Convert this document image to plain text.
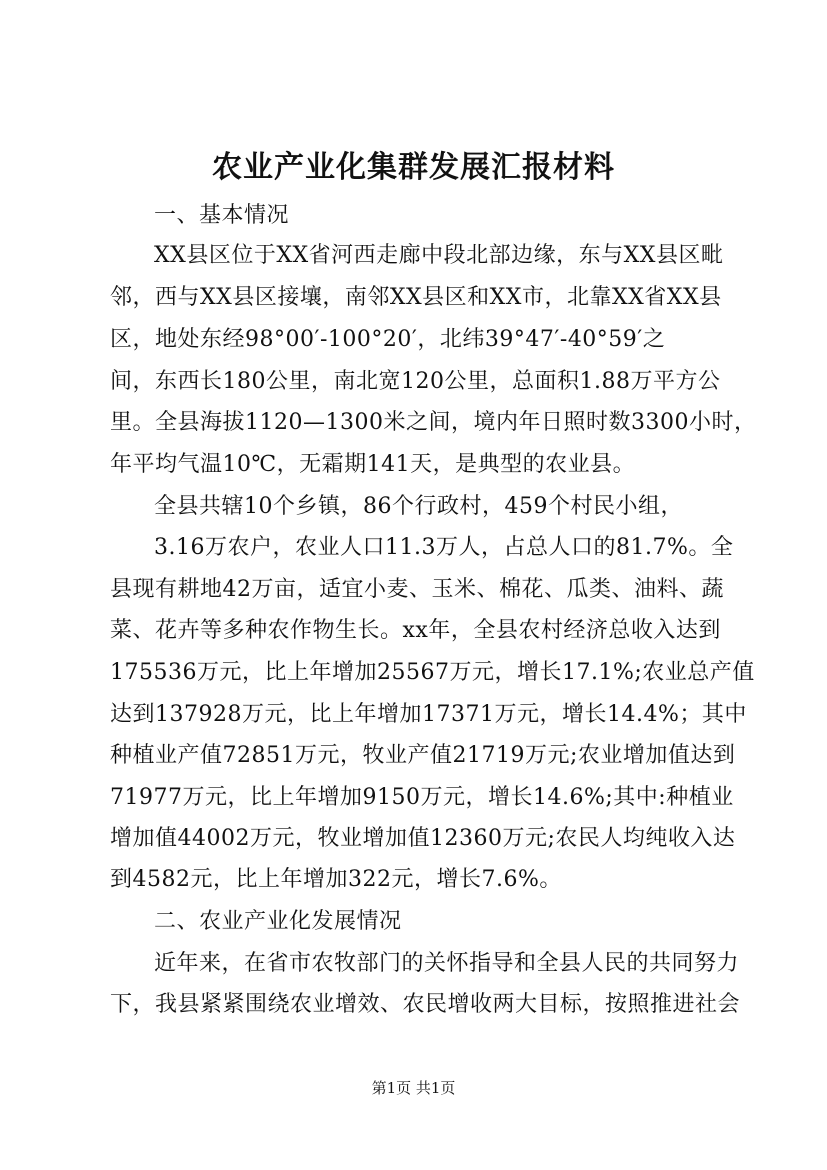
农业产业化集群发展汇报材料
一、基本情况
XX县区位于XX省河西走廊中段北部边缘，东与XX县区毗
邻，西与XX县区接壤，南邻XX县区和XX市，北靠XX省XX县
区，地处东经98°00′-100°20′，北纬39°47′-40°59′之
间，东西长180公里，南北宽120公里，总面积1.88万平方公
里。全县海拔1120—1300米之间，境内年日照时数3300小时，
年平均气温10℃，无霜期141天，是典型的农业县。
全县共辖10个乡镇，86个行政村，459个村民小组，
3.16万农户，农业人口11.3万人，占总人口的81.7%。全
县现有耕地42万亩，适宜小麦、玉米、棉花、瓜类、油料、蔬
菜、花卉等多种农作物生长。xx年，全县农村经济总收入达到
175536万元，比上年增加25567万元，增长17.1%;农业总产值
达到137928万元，比上年增加17371万元，增长14.4%；其中
种植业产值72851万元，牧业产值21719万元;农业增加值达到
71977万元，比上年增加9150万元，增长14.6%;其中:种植业
增加值44002万元，牧业增加值12360万元;农民人均纯收入达
到4582元，比上年增加322元，增长7.6%。
二、农业产业化发展情况
近年来，在省市农牧部门的关怀指导和全县人民的共同努力
下，我县紧紧围绕农业增效、农民增收两大目标，按照推进社会
第1页 共1页
